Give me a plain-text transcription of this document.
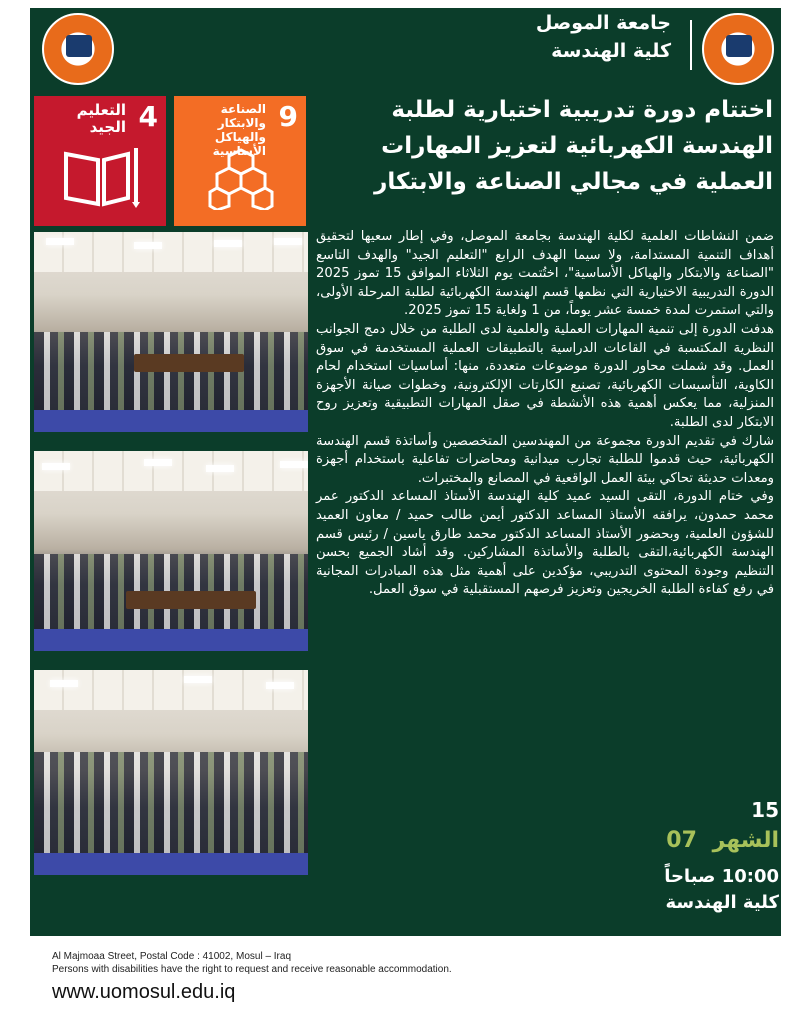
جامعة الموصل
كلية الهندسة
4
التعليم الجيد	9
الصناعة والابتكار والهياكل الأساسية
اختتام دورة تدريبية اختيارية لطلبة الهندسة الكهربائية لتعزيز المهارات العملية في مجالي الصناعة والابتكار
University of Mosul
College of Engineering
University of Mosul
College of Engineering
University of Mosul
College of Engineering

ضمن النشاطات العلمية لكلية الهندسة بجامعة الموصل، وفي إطار سعيها لتحقيق أهداف التنمية المستدامة، ولا سيما الهدف الرابع "التعليم الجيد" والهدف التاسع "الصناعة والابتكار والهياكل الأساسية"، اختُتمت يوم الثلاثاء الموافق 15 تموز 2025 الدورة التدريبية الاختيارية التي نظمها قسم الهندسة الكهربائية لطلبة المرحلة الأولى، والتي استمرت لمدة خمسة عشر يوماً، من 1 ولغاية 15 تموز 2025.

هدفت الدورة إلى تنمية المهارات العملية والعلمية لدى الطلبة من خلال دمج الجوانب النظرية المكتسبة في القاعات الدراسية بالتطبيقات العملية المستخدمة في سوق العمل. وقد شملت محاور الدورة موضوعات متعددة، منها: أساسيات استخدام لحام الكاوية، التأسيسات الكهربائية، تصنيع الكارتات الإلكترونية، وخطوات صيانة الأجهزة المنزلية، مما يعكس أهمية هذه الأنشطة في صقل المهارات التطبيقية وتعزيز روح الابتكار لدى الطلبة.

شارك في تقديم الدورة مجموعة من المهندسين المتخصصين وأساتذة قسم الهندسة الكهربائية، حيث قدموا للطلبة تجارب ميدانية ومحاضرات تفاعلية باستخدام أجهزة ومعدات حديثة تحاكي بيئة العمل الواقعية في المصانع والمختبرات.

وفي ختام الدورة، التقى السيد عميد كلية الهندسة الأستاذ المساعد الدكتور عمر محمد حمدون، يرافقه الأستاذ المساعد الدكتور أيمن طالب حميد / معاون العميد للشؤون العلمية، وبحضور الأستاذ المساعد الدكتور محمد طارق ياسين / رئيس قسم الهندسة الكهربائية،التقى بالطلبة والأساتذة المشاركين. وقد أشاد الجميع بحسن التنظيم وجودة المحتوى التدريبي، مؤكدين على أهمية مثل هذه المبادرات المجانية في رفع كفاءة الطلبة الخريجين وتعزيز فرصهم المستقبلية في سوق العمل.

15
الشهر 07
10:00 صباحاً
كلية الهندسة
Al Majmoaa Street, Postal Code : 41002, Mosul – Iraq
Persons with disabilities have the right to request and receive reasonable accommodation.
www.uomosul.edu.iq
